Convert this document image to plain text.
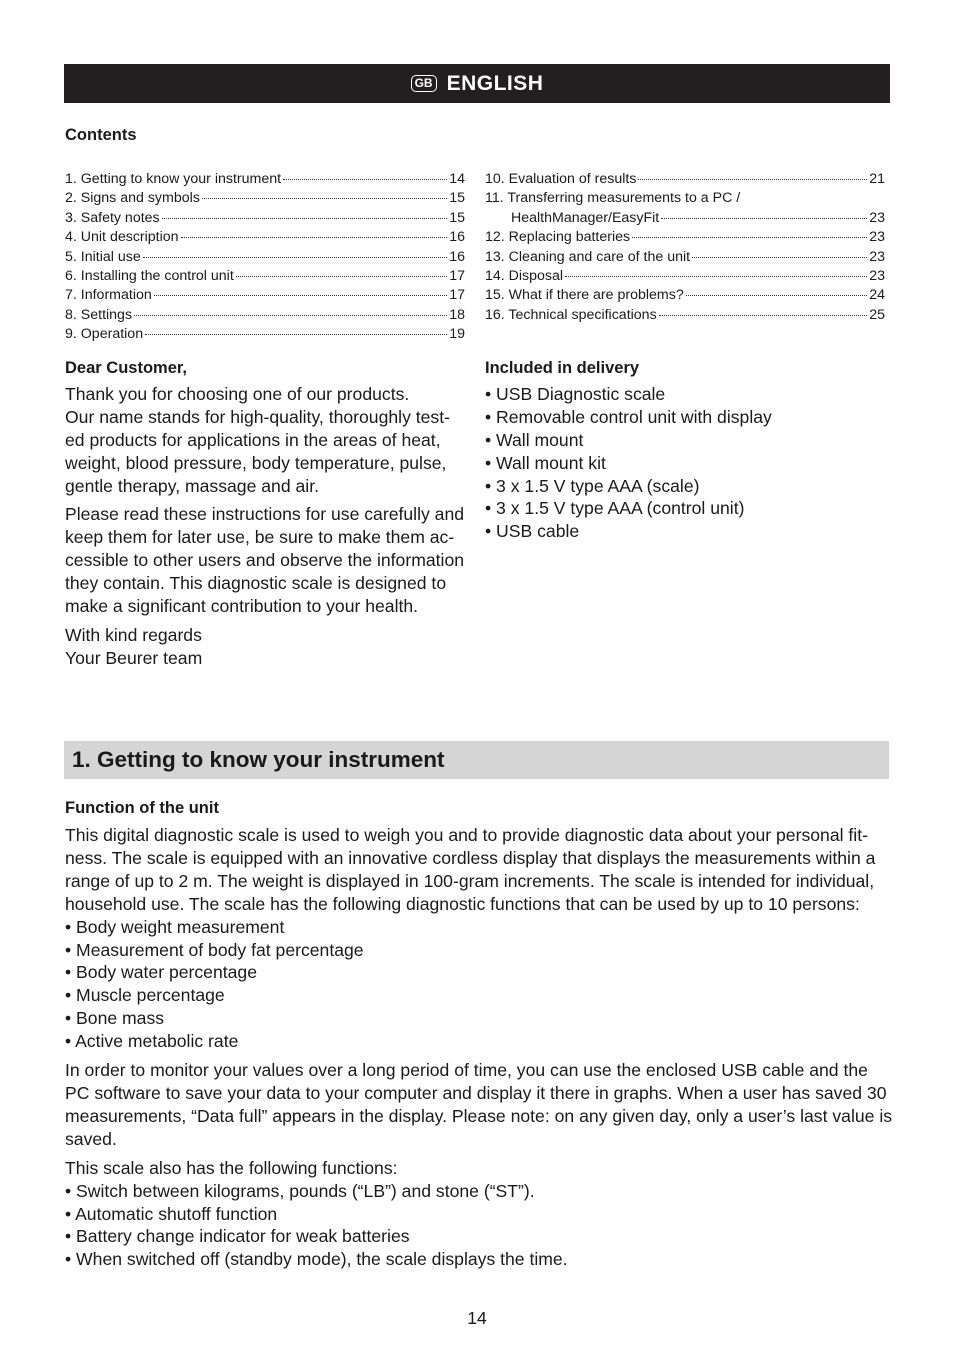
GB ENGLISH
Contents
1. Getting to know your instrument	14
2. Signs and symbols	15
3. Safety notes	15
4. Unit description	16
5. Initial use	16
6. Installing the control unit	17
7. Information	17
8. Settings	18
9. Operation	19
10. Evaluation of results	21
11. Transferring measurements to a PC /
HealthManager/EasyFit	23
12. Replacing batteries	23
13. Cleaning and care of the unit	23
14. Disposal	23
15. What if there are problems?	24
16. Technical specifications	25
Dear Customer,

Thank you for choosing one of our products.
Our name stands for high-quality, thoroughly test-
ed products for applications in the areas of heat,
weight, blood pressure, body temperature, pulse,
gentle therapy, massage and air.

Please read these instructions for use carefully and
keep them for later use, be sure to make them ac-
cessible to other users and observe the information
they contain. This diagnostic scale is designed to
make a significant contribution to your health.

With kind regards
Your Beurer team

Included in delivery
• USB Diagnostic scale
• Removable control unit with display
• Wall mount
• Wall mount kit
• 3 x 1.5 V type AAA (scale)
• 3 x 1.5 V type AAA (control unit)
• USB cable
1. Getting to know your instrument
Function of the unit
This digital diagnostic scale is used to weigh you and to provide diagnostic data about your personal fit-
ness. The scale is equipped with an innovative cordless display that displays the measurements within a
range of up to 2 m. The weight is displayed in 100-gram increments. The scale is intended for individual,
household use. The scale has the following diagnostic functions that can be used by up to 10 persons:
• Body weight measurement
• Measurement of body fat percentage
• Body water percentage
• Muscle percentage
• Bone mass
• Active metabolic rate
In order to monitor your values over a long period of time, you can use the enclosed USB cable and the
PC software to save your data to your computer and display it there in graphs. When a user has saved 30
measurements, “Data full” appears in the display. Please note: on any given day, only a user’s last value is
saved.
This scale also has the following functions:
• Switch between kilograms, pounds (“LB”) and stone (“ST”).
• Automatic shutoff function
• Battery change indicator for weak batteries
• When switched off (standby mode), the scale displays the time.
14
